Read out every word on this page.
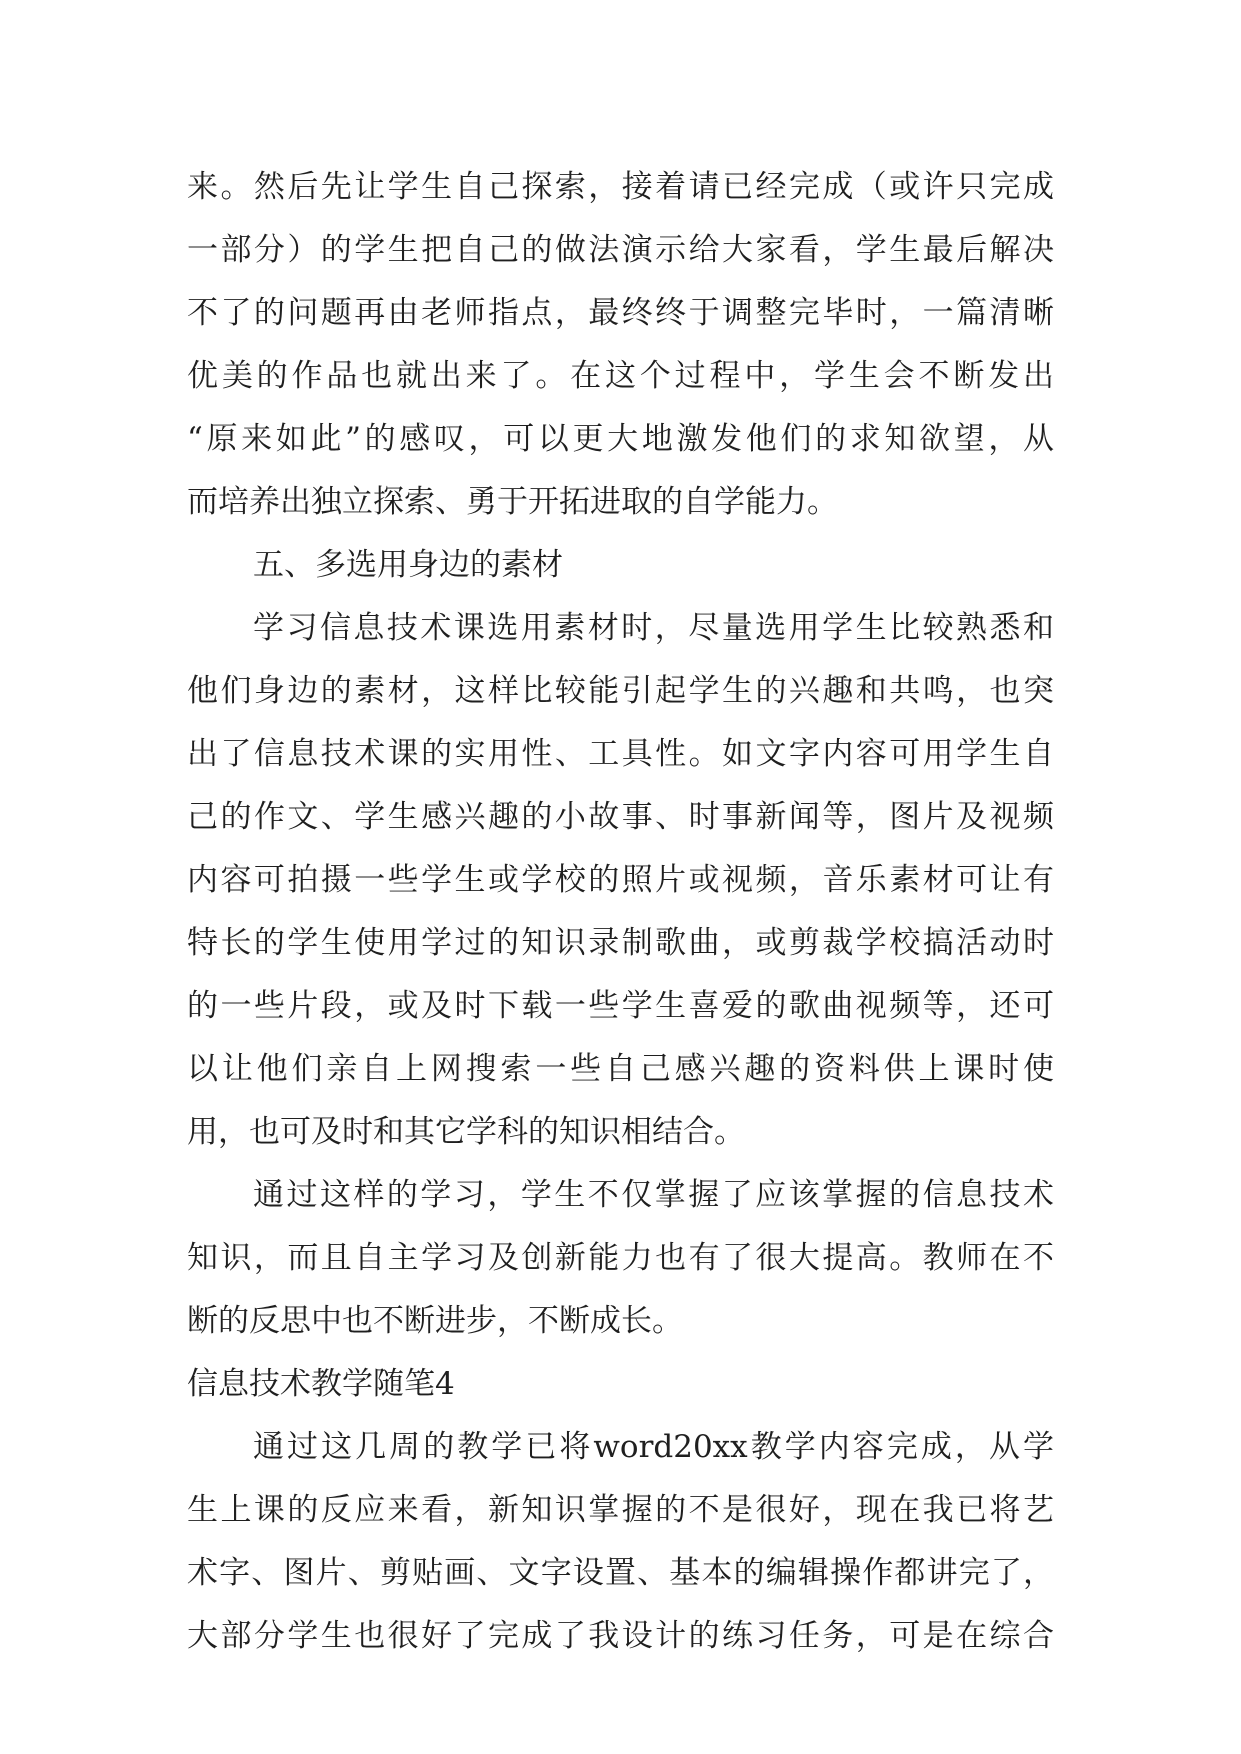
来。然后先让学生自己探索，接着请已经完成（或许只完成
一部分）的学生把自己的做法演示给大家看，学生最后解决
不了的问题再由老师指点，最终终于调整完毕时，一篇清晰
优美的作品也就出来了。在这个过程中，学生会不断发出
“原来如此”的感叹，可以更大地激发他们的求知欲望，从
而培养出独立探索、勇于开拓进取的自学能力。
五、多选用身边的素材
学习信息技术课选用素材时，尽量选用学生比较熟悉和
他们身边的素材，这样比较能引起学生的兴趣和共鸣，也突
出了信息技术课的实用性、工具性。如文字内容可用学生自
己的作文、学生感兴趣的小故事、时事新闻等，图片及视频
内容可拍摄一些学生或学校的照片或视频，音乐素材可让有
特长的学生使用学过的知识录制歌曲，或剪裁学校搞活动时
的一些片段，或及时下载一些学生喜爱的歌曲视频等，还可
以让他们亲自上网搜索一些自己感兴趣的资料供上课时使
用，也可及时和其它学科的知识相结合。
通过这样的学习，学生不仅掌握了应该掌握的信息技术
知识，而且自主学习及创新能力也有了很大提高。教师在不
断的反思中也不断进步，不断成长。
信息技术教学随笔4
通过这几周的教学已将word20xx教学内容完成，从学
生上课的反应来看，新知识掌握的不是很好，现在我已将艺
术字、图片、剪贴画、文字设置、基本的编辑操作都讲完了，
大部分学生也很好了完成了我设计的练习任务，可是在综合
